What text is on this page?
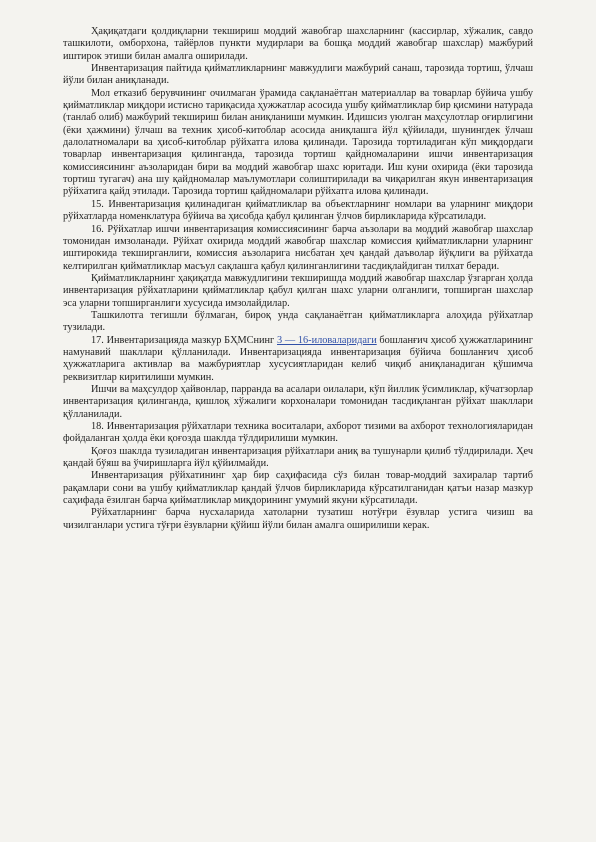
Ҳақиқатдаги қолдиқларни текшириш моддий жавобгар шахсларнинг (кассирлар, хўжалик, савдо ташкилоти, омборхона, тайёрлов пункти мудирлари ва бошқа моддий жавобгар шахслар) мажбурий иштирок этиши билан амалга оширилади.

Инвентаризация пайтида қийматликларнинг мавжудлиги мажбурий санаш, тарозида тортиш, ўлчаш йўли билан аниқланади.

Мол етказиб берувчининг очилмаган ўрамида сақланаётган материаллар ва товарлар бўйича ушбу қийматликлар миқдори истисно тариқасида ҳужжатлар асосида ушбу қийматликлар бир қисмини натурада (танлаб олиб) мажбурий текшириш билан аниқланиши мумкин. Идишсиз уюлган маҳсулотлар оғирлигини (ёки ҳажмини) ўлчаш ва техник ҳисоб-китоблар асосида аниқлашга йўл қўйилади, шунингдек ўлчаш далолатномалари ва ҳисоб-китоблар рўйхатга илова қилинади. Тарозида тортиладиган кўп миқдордаги товарлар инвентаризация қилинганда, тарозида тортиш қайдномаларини ишчи инвентаризация комиссиясининг аъзоларидан бири ва моддий жавобгар шахс юритади. Иш куни охирида (ёки тарозида тортиш тугагач) ана шу қайдномалар маълумотлари солиштирилади ва чиқарилган якун инвентаризация рўйхатига қайд этилади. Тарозида тортиш қайдномалари рўйхатга илова қилинади.

15. Инвентаризация қилинадиган қийматликлар ва объектларнинг номлари ва уларнинг миқдори рўйхатларда номенклатура бўйича ва ҳисобда қабул қилинган ўлчов бирликларида кўрсатилади.

16. Рўйхатлар ишчи инвентаризация комиссиясининг барча аъзолари ва моддий жавобгар шахслар томонидан имзоланади. Рўйхат охирида моддий жавобгар шахслар комиссия қийматликларни уларнинг иштирокида текширганлиги, комиссия аъзоларига нисбатан ҳеч қандай даъволар йўқлиги ва рўйхатда келтирилган қийматликлар масъул сақлашга қабул қилинганлигини тасдиқлайдиган тилхат беради.

Қийматликларнинг ҳақиқатда мавжудлигини текширишда моддий жавобгар шахслар ўзгарган ҳолда инвентаризация рўйхатларини қийматликлар қабул қилган шахс уларни олганлиги, топширган шахслар эса уларни топширганлиги хусусида имзолайдилар.

Ташкилотга тегишли бўлмаган, бироқ унда сақланаётган қийматликларга алоҳида рўйхатлар тузилади.

17. Инвентаризацияда мазкур БҲМСнинг 3 — 16-иловаларидаги бошланғич ҳисоб ҳужжатларининг намунавий шакллари қўлланилади. Инвентаризацияда инвентаризация бўйича бошланғич ҳисоб ҳужжатларига активлар ва мажбуриятлар хусусиятларидан келиб чиқиб аниқланадиган қўшимча реквизитлар киритилиши мумкин.

Ишчи ва маҳсулдор ҳайвонлар, парранда ва асалари оилалари, кўп йиллик ўсимликлар, кўчатзорлар инвентаризация қилинганда, қишлоқ хўжалиги корхоналари томонидан тасдиқланган рўйхат шакллари қўлланилади.

18. Инвентаризация рўйхатлари техника воситалари, ахборот тизими ва ахборот технологияларидан фойдаланган ҳолда ёки қоғозда шаклда тўлдирилиши мумкин.

Қоғоз шаклда тузиладиган инвентаризация рўйхатлари аниқ ва тушунарли қилиб тўлдирилади. Ҳеч қандай бўяш ва ўчиришларга йўл қўйилмайди.

Инвентаризация рўйхатининг ҳар бир саҳифасида сўз билан товар-моддий захиралар тартиб рақамлари сони ва ушбу қийматликлар қандай ўлчов бирликларида кўрсатилганидан қатъи назар мазкур саҳифада ёзилган барча қийматликлар миқдорининг умумий якуни кўрсатилади.

Рўйхатларнинг барча нусхаларида хатоларни тузатиш нотўғри ёзувлар устига чизиш ва чизилганлари устига тўғри ёзувларни қўйиш йўли билан амалга оширилиши керак.
